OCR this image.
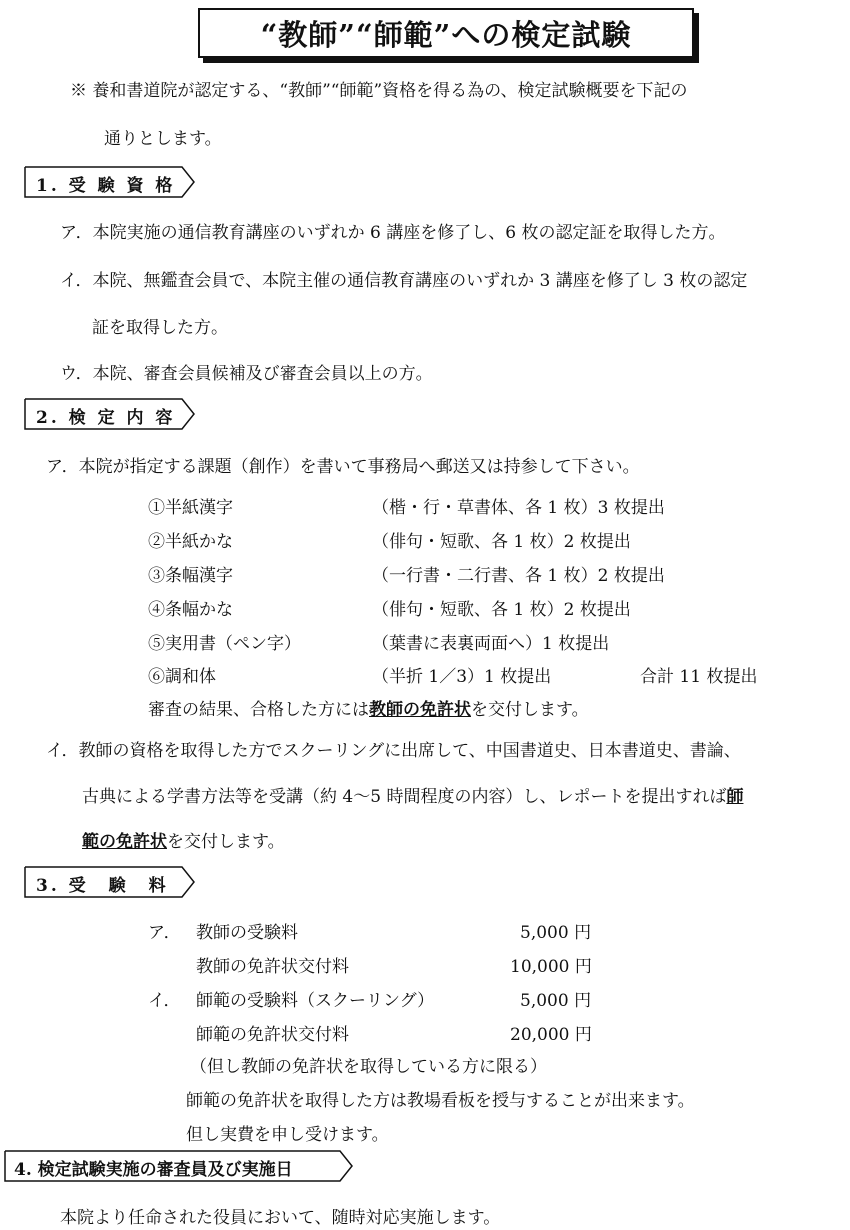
“教師”“師範”への検定試験
※ 養和書道院が認定する、“教師”“師範”資格を得る為の、検定試験概要を下記の
通りとします。
1. 受 験 資 格
ア．本院実施の通信教育講座のいずれか 6 講座を修了し、6 枚の認定証を取得した方。
イ．本院、無鑑査会員で、本院主催の通信教育講座のいずれか 3 講座を修了し 3 枚の認定
証を取得した方。
ウ．本院、審査会員候補及び審査会員以上の方。
2. 検 定 内 容
ア．本院が指定する課題（創作）を書いて事務局へ郵送又は持参して下さい。
①半紙漢字	（楷・行・草書体、各 1 枚）3 枚提出
②半紙かな	（俳句・短歌、各 1 枚）2 枚提出
③条幅漢字	（一行書・二行書、各 1 枚）2 枚提出
④条幅かな	（俳句・短歌、各 1 枚）2 枚提出
⑤実用書（ペン字）	（葉書に表裏両面へ）1 枚提出
⑥調和体	（半折 1／3）1 枚提出	合計 11 枚提出
審査の結果、合格した方には教師の免許状を交付します。
イ．教師の資格を取得した方でスクーリングに出席して、中国書道史、日本書道史、書論、
古典による学書方法等を受講（約 4〜5 時間程度の内容）し、レポートを提出すれば師
範の免許状を交付します。
3. 受　験　料
ア． 教師の受験料	5,000 円
教師の免許状交付料	10,000 円
イ． 師範の受験料（スクーリング）	5,000 円
師範の免許状交付料	20,000 円
（但し教師の免許状を取得している方に限る）
師範の免許状を取得した方は教場看板を授与することが出来ます。
但し実費を申し受けます。
4. 検定試験実施の審査員及び実施日
本院より任命された役員において、随時対応実施します。
